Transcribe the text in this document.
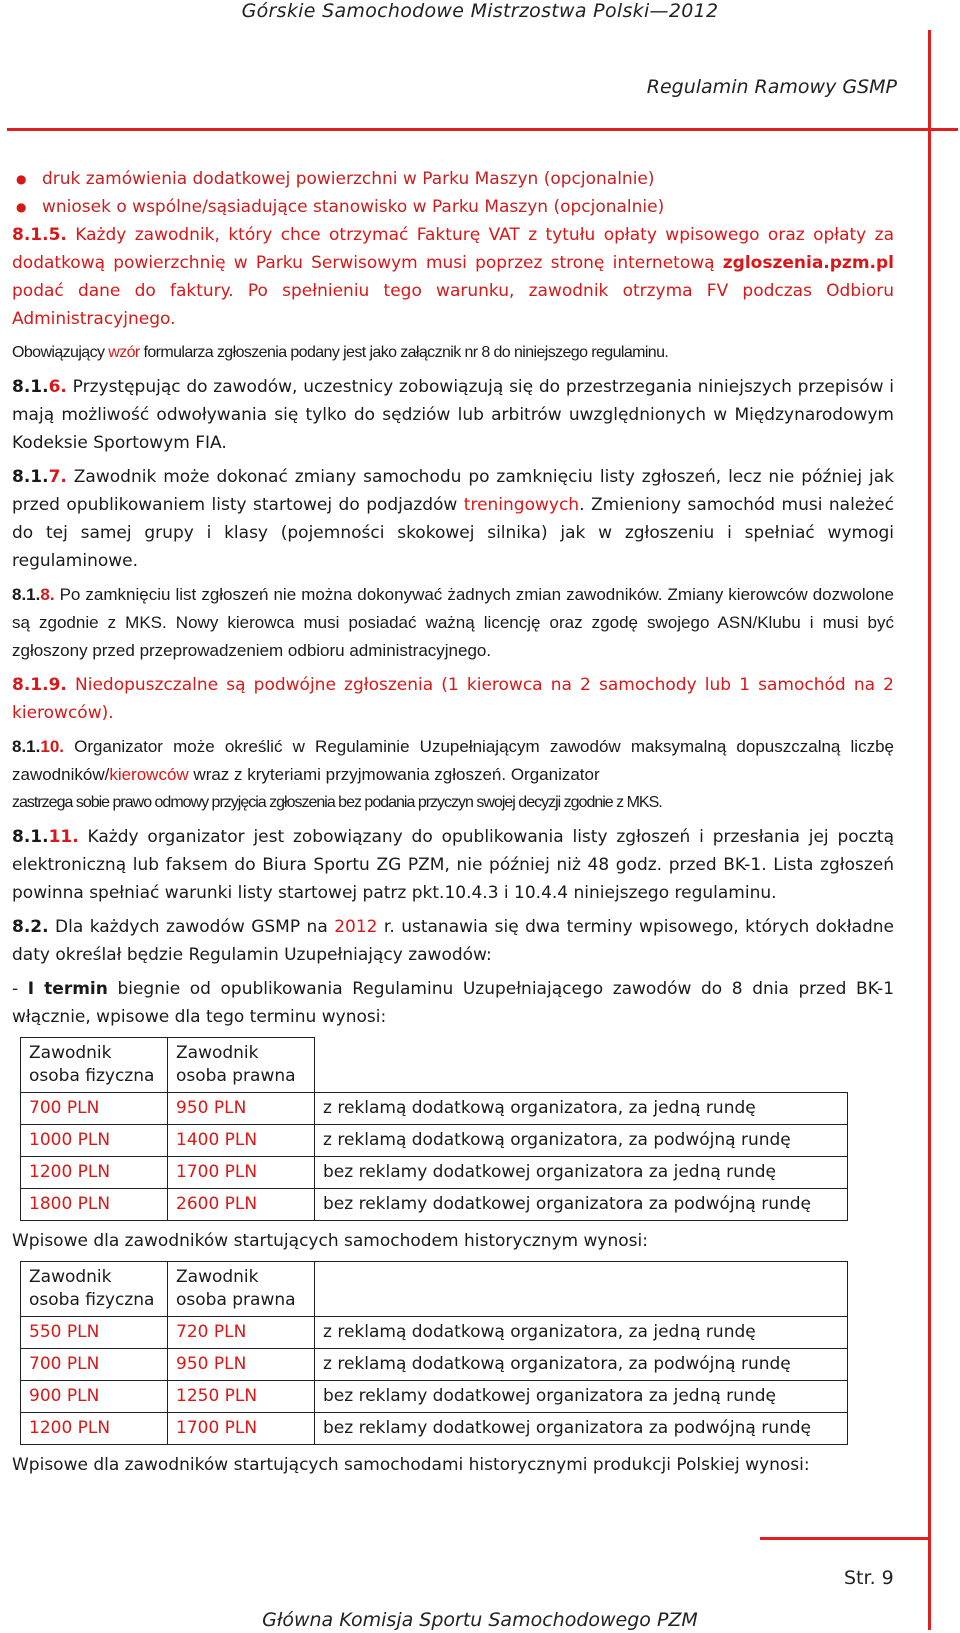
Górskie Samochodowe Mistrzostwa Polski—2012
Regulamin Ramowy GSMP
● druk zamówienia dodatkowej powierzchni w Parku Maszyn (opcjonalnie)
● wniosek o wspólne/sąsiadujące stanowisko w Parku Maszyn (opcjonalnie)

8.1.5. Każdy zawodnik, który chce otrzymać Fakturę VAT z tytułu opłaty wpisowego oraz opłaty za dodatkową powierzchnię w Parku Serwisowym musi poprzez stronę internetową zgloszenia.pzm.pl podać dane do faktury. Po spełnieniu tego warunku, zawodnik otrzyma FV podczas Odbioru Administracyjnego.

Obowiązujący wzór formularza zgłoszenia podany jest jako załącznik nr 8 do niniejszego regulaminu.

8.1.6. Przystępując do zawodów, uczestnicy zobowiązują się do przestrzegania niniejszych przepisów i mają możliwość odwoływania się tylko do sędziów lub arbitrów uwzględnionych w Międzynarodowym Kodeksie Sportowym FIA.

8.1.7. Zawodnik może dokonać zmiany samochodu po zamknięciu listy zgłoszeń, lecz nie później jak przed opublikowaniem listy startowej do podjazdów treningowych. Zmieniony samochód musi należeć do tej samej grupy i klasy (pojemności skokowej silnika) jak w zgłoszeniu i spełniać wymogi regulaminowe.

8.1.8. Po zamknięciu list zgłoszeń nie można dokonywać żadnych zmian zawodników. Zmiany kierowców dozwolone są zgodnie z MKS. Nowy kierowca musi posiadać ważną licencję oraz zgodę swojego ASN/Klubu i musi być zgłoszony przed przeprowadzeniem odbioru administracyjnego.

8.1.9. Niedopuszczalne są podwójne zgłoszenia (1 kierowca na 2 samochody lub 1 samochód na 2 kierowców).

8.1.10. Organizator może określić w Regulaminie Uzupełniającym zawodów maksymalną dopuszczalną liczbę zawodników/kierowców wraz z kryteriami przyjmowania zgłoszeń. Organizator

zastrzega sobie prawo odmowy przyjęcia zgłoszenia bez podania przyczyn swojej decyzji zgodnie z MKS.

8.1.11. Każdy organizator jest zobowiązany do opublikowania listy zgłoszeń i przesłania jej pocztą elektroniczną lub faksem do Biura Sportu ZG PZM, nie później niż 48 godz. przed BK-1. Lista zgłoszeń powinna spełniać warunki listy startowej patrz pkt.10.4.3 i 10.4.4 niniejszego regulaminu.

8.2. Dla każdych zawodów GSMP na 2012 r. ustanawia się dwa terminy wpisowego, których dokładne daty określał będzie Regulamin Uzupełniający zawodów:

- I termin biegnie od opublikowania Regulaminu Uzupełniającego zawodów do 8 dnia przed BK-1 włącznie, wpisowe dla tego terminu wynosi:

Zawodnik osoba fizyczna	Zawodnik osoba prawna	
700 PLN	950 PLN	z reklamą dodatkową organizatora, za jedną rundę
1000 PLN	1400 PLN	z reklamą dodatkową organizatora, za podwójną rundę
1200 PLN	1700 PLN	bez reklamy dodatkowej organizatora za jedną rundę
1800 PLN	2600 PLN	bez reklamy dodatkowej organizatora za podwójną rundę

Wpisowe dla zawodników startujących samochodem historycznym wynosi:

Zawodnik osoba fizyczna	Zawodnik osoba prawna	
550 PLN	720 PLN	z reklamą dodatkową organizatora, za jedną rundę
700 PLN	950 PLN	z reklamą dodatkową organizatora, za podwójną rundę
900 PLN	1250 PLN	bez reklamy dodatkowej organizatora za jedną rundę
1200 PLN	1700 PLN	bez reklamy dodatkowej organizatora za podwójną rundę

Wpisowe dla zawodników startujących samochodami historycznymi produkcji Polskiej wynosi:

Str. 9
Główna Komisja Sportu Samochodowego PZM
